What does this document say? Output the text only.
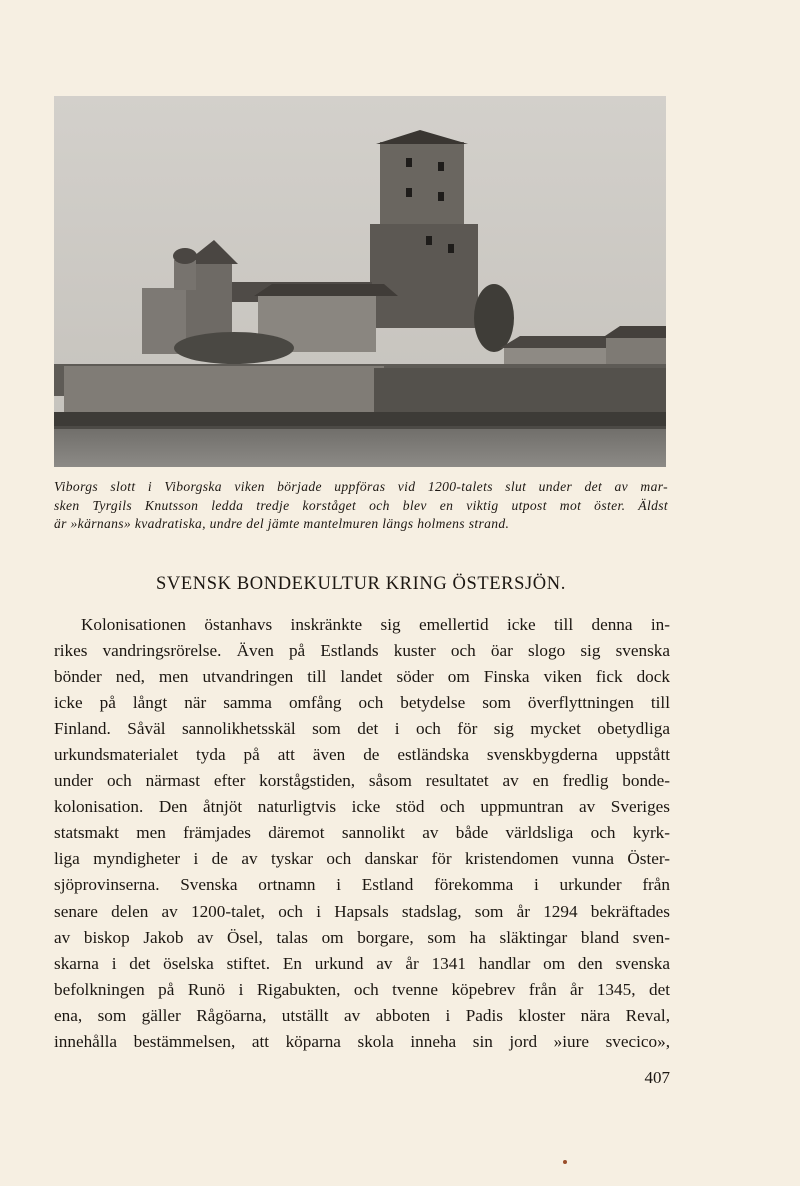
Viborgs slott i Viborgska viken började uppföras vid 1200-talets slut under det av mar-
sken Tyrgils Knutsson ledda tredje korståget och blev en viktig utpost mot öster. Äldst
är »kärnans» kvadratiska, undre del jämte mantelmuren längs holmens strand.
SVENSK BONDEKULTUR KRING ÖSTERSJÖN.
Kolonisationen östanhavs inskränkte sig emellertid icke till denna in-
rikes vandringsrörelse. Även på Estlands kuster och öar slogo sig svenska
bönder ned, men utvandringen till landet söder om Finska viken fick dock
icke på långt när samma omfång och betydelse som överflyttningen till
Finland. Såväl sannolikhetsskäl som det i och för sig mycket obetydliga
urkundsmaterialet tyda på att även de estländska svenskbygderna uppstått
under och närmast efter korstågstiden, såsom resultatet av en fredlig bonde-
kolonisation. Den åtnjöt naturligtvis icke stöd och uppmuntran av Sveriges
statsmakt men främjades däremot sannolikt av både världsliga och kyrk-
liga myndigheter i de av tyskar och danskar för kristendomen vunna Öster-
sjöprovinserna. Svenska ortnamn i Estland förekomma i urkunder från
senare delen av 1200-talet, och i Hapsals stadslag, som år 1294 bekräftades
av biskop Jakob av Ösel, talas om borgare, som ha släktingar bland sven-
skarna i det öselska stiftet. En urkund av år 1341 handlar om den svenska
befolkningen på Runö i Rigabukten, och tvenne köpebrev från år 1345, det
ena, som gäller Rågöarna, utställt av abboten i Padis kloster nära Reval,
innehålla bestämmelsen, att köparna skola inneha sin jord »iure svecico»,
407
